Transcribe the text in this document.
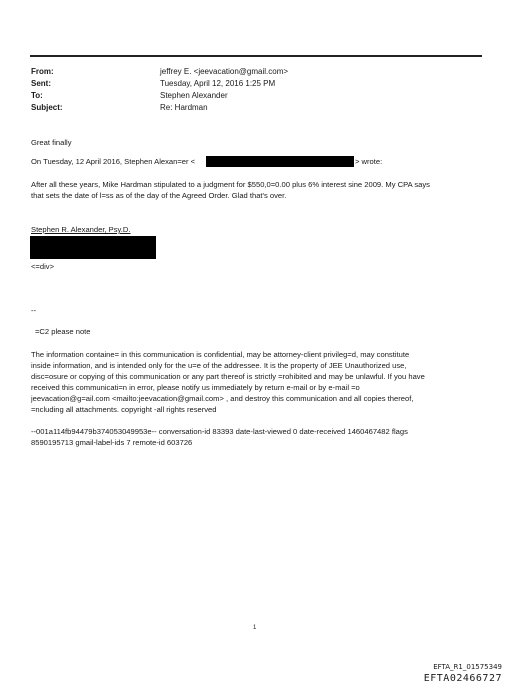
From:	jeffrey E. <jeevacation@gmail.com>
Sent:	Tuesday, April 12, 2016 1:25 PM
To:	Stephen Alexander
Subject:	Re: Hardman
Great finally
On Tuesday, 12 April 2016, Stephen Alexan=er <	> wrote:
After all these years, Mike Hardman stipulated to a judgment for $550,0=0.00 plus 6% interest sine 2009. My CPA says
that sets the date of l=ss as of the day of the Agreed Order. Glad that's over.
Stephen R. Alexander, Psy.D.
<=div>
--
=C2 please note
The information containe= in this communication is confidential, may be attorney-client privileg=d, may constitute
inside information, and is intended only for the u=e of the addressee. It is the property of JEE Unauthorized use,
disc=osure or copying of this communication or any part thereof is strictly =rohibited and may be unlawful. If you have
received this communicati=n in error, please notify us immediately by return e-mail or by e-mail =o
jeevacation@g=ail.com <mailto:jeevacation@gmail.com> , and destroy this communication and all copies thereof,
=ncluding all attachments. copyright -all rights reserved
--001a114fb94479b374053049953e-- conversation-id 83393 date-last-viewed 0 date-received 1460467482 flags
8590195713 gmail-label-ids 7 remote-id 603726
1
EFTA_R1_01575349
EFTA02466727
